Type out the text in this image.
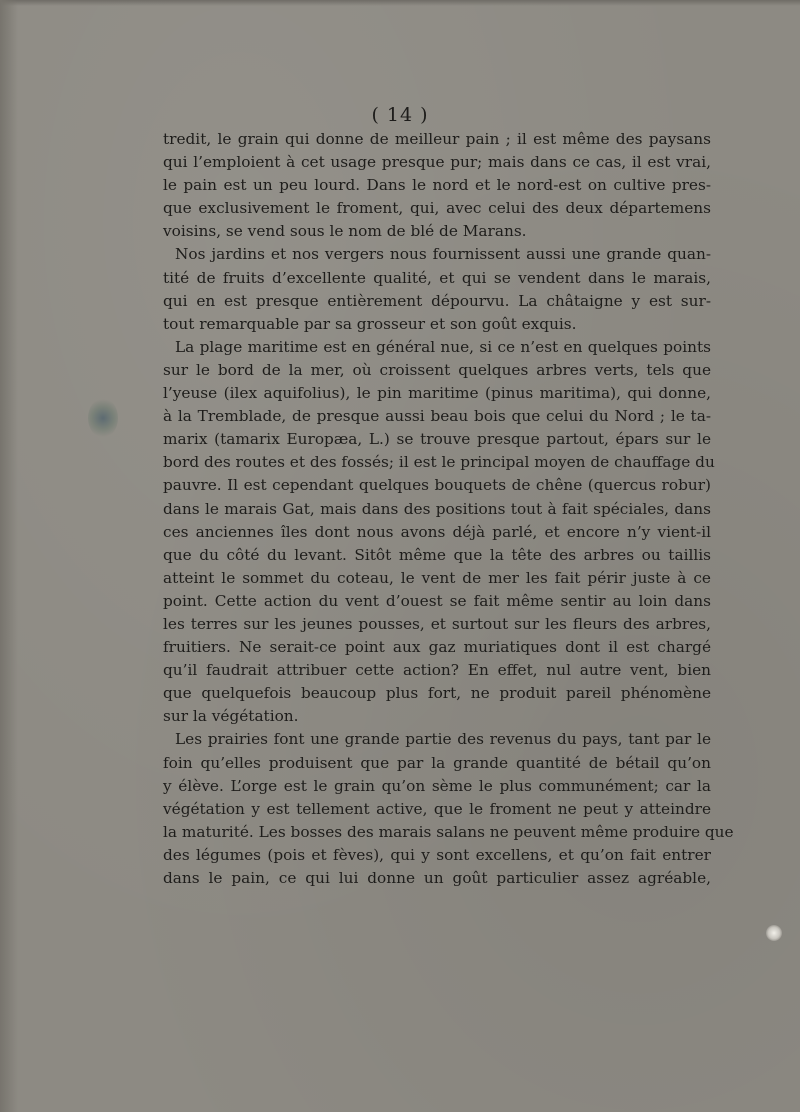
( 14 )
tredit, le grain qui donne de meilleur pain ; il est même des paysans
qui l’emploient à cet usage presque pur; mais dans ce cas, il est vrai,
le pain est un peu lourd. Dans le nord et le nord-est on cultive pres-
que exclusivement le froment, qui, avec celui des deux départemens
voisins, se vend sous le nom de blé de Marans.
Nos jardins et nos vergers nous fournissent aussi une grande quan-
tité de fruits d’excellente qualité, et qui se vendent dans le marais,
qui en est presque entièrement dépourvu. La châtaigne y est sur-
tout remarquable par sa grosseur et son goût exquis.
La plage maritime est en général nue, si ce n’est en quelques points
sur le bord de la mer, où croissent quelques arbres verts, tels que
l’yeuse (ilex aquifolius), le pin maritime (pinus maritima), qui donne,
à la Tremblade, de presque aussi beau bois que celui du Nord ; le ta-
marix (tamarix Europæa, L.) se trouve presque partout, épars sur le
bord des routes et des fossés; il est le principal moyen de chauffage du
pauvre. Il est cependant quelques bouquets de chêne (quercus robur)
dans le marais Gat, mais dans des positions tout à fait spéciales, dans
ces anciennes îles dont nous avons déjà parlé, et encore n’y vient-il
que du côté du levant. Sitôt même que la tête des arbres ou taillis
atteint le sommet du coteau, le vent de mer les fait périr juste à ce
point. Cette action du vent d’ouest se fait même sentir au loin dans
les terres sur les jeunes pousses, et surtout sur les fleurs des arbres,
fruitiers. Ne serait-ce point aux gaz muriatiques dont il est chargé
qu’il faudrait attribuer cette action? En effet, nul autre vent, bien
que quelquefois beaucoup plus fort, ne produit pareil phénomène
sur la végétation.
Les prairies font une grande partie des revenus du pays, tant par le
foin qu’elles produisent que par la grande quantité de bétail qu’on
y élève. L’orge est le grain qu’on sème le plus communément; car la
végétation y est tellement active, que le froment ne peut y atteindre
la maturité. Les bosses des marais salans ne peuvent même produire que
des légumes (pois et fèves), qui y sont excellens, et qu’on fait entrer
dans le pain, ce qui lui donne un goût particulier assez agréable,
